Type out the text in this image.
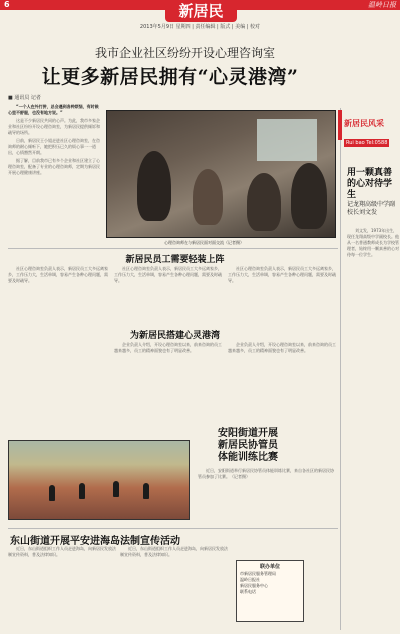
6	温岭日报
新居民
2013年5月9日 星期四 | 责任编辑 | 版式 | 美编 | 校对
我市企业社区纷纷开设心理咨询室
让更多新居民拥有“心灵港湾”
■ 通讯员 记者

“一个人在外打拼，总会遇到各种烦恼，有时候心里不舒服，也没有地方说。”

这是不少新居民共同的心声。为此，我市多家企业和社区纷纷开设心理咨询室，为新居民提供倾诉和疏导的场所。

日前，新居民王小姐走进社区心理咨询室，在咨询师的耐心倾听下，她把积压已久的烦心事一一道出，心情豁然开朗。

据了解，目前我市已有多个企业和社区建立了心理咨询室，配备了专业的心理咨询师，定期为新居民开展心理健康讲座。

心理咨询师在与新居民面对面交流（记者摄）
新居民员工需要轻装上阵

社区心理咨询室负责人表示，新居民员工大多远离家乡，工作压力大，生活单调，容易产生各种心理问题，需要及时疏导。

社区心理咨询室负责人表示，新居民员工大多远离家乡，工作压力大，生活单调，容易产生各种心理问题，需要及时疏导。

社区心理咨询室负责人表示，新居民员工大多远离家乡，工作压力大，生活单调，容易产生各种心理问题，需要及时疏导。

为新居民搭建心灵港湾

企业负责人介绍，开设心理咨询室以来，前来咨询的员工越来越多，员工的精神面貌也有了明显改善。

企业负责人介绍，开设心理咨询室以来，前来咨询的员工越来越多，员工的精神面貌也有了明显改善。

安阳街道开展
新居民协管员
体能训练比赛

近日，安阳街道举行新居民协管员体能训练比赛，来自各社区的新居民协管员参加了比赛。（记者摄）

东山街道开展平安进海岛法制宣传活动

近日，东山街道组织工作人员走进海岛，向新居民发放法制宣传资料，普及法律知识。

近日，东山街道组织工作人员走进海岛，向新居民发放法制宣传资料，普及法律知识。

联办单位
市新居民服务管理局
温岭日报社
新居民服务中心
联系电话
新居民风采
Rui bao Tel:0588
用一颗真善的心对待学生
记龙翔高级中学副校长刘文发

刘文发，1973年出生，现任龙翔高级中学副校长。他从一名普通教师成长为学校管理者，始终用一颗真善的心对待每一位学生。
